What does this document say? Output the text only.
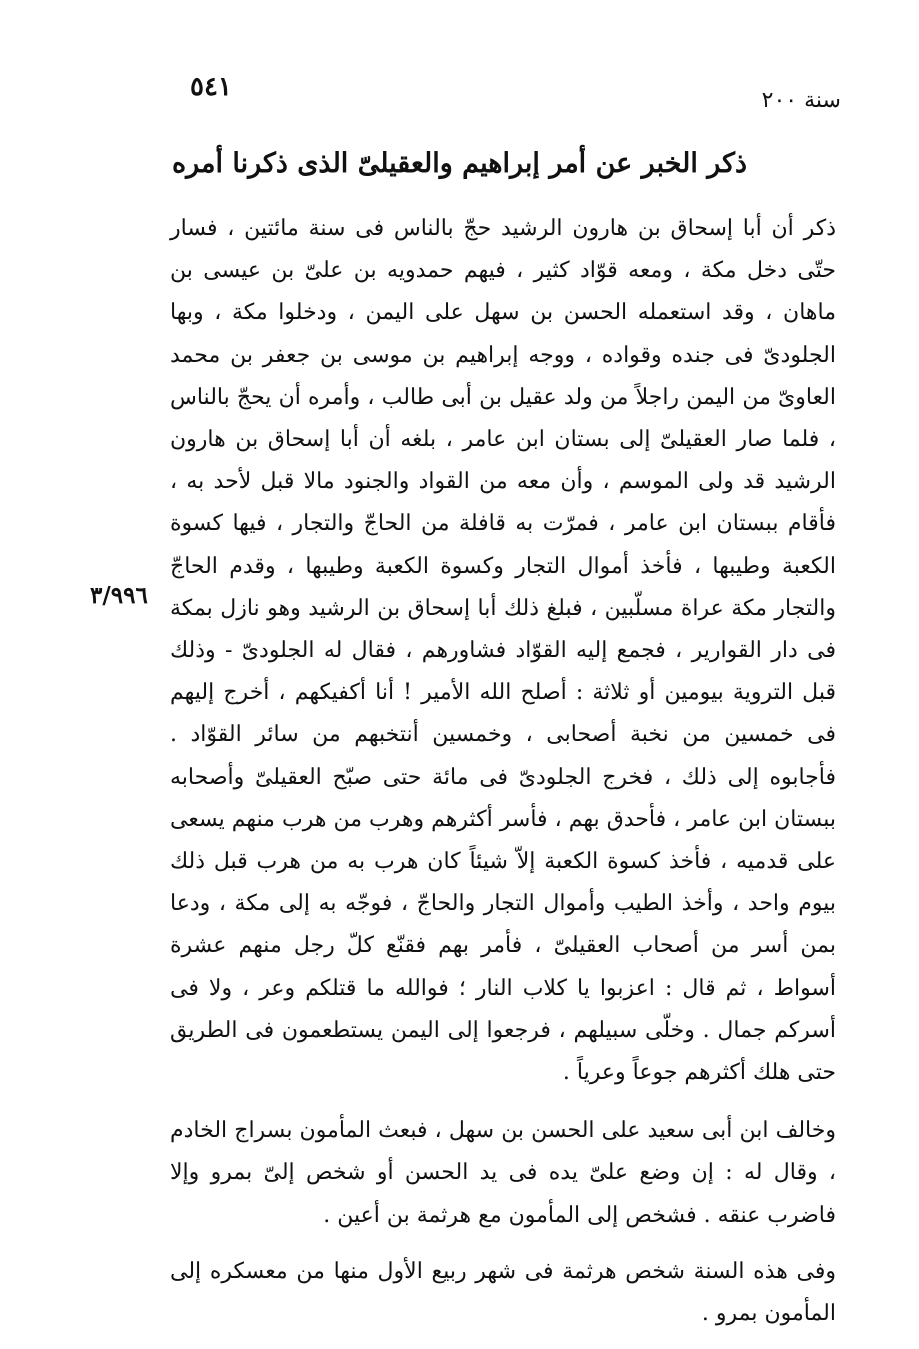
٥٤١	سنة ٢٠٠
ذكر الخبر عن أمر إبراهيم والعقيلىّ الذى ذكرنا أمره
٣/٩٩٦

ذكر أن أبا إسحاق بن هارون الرشيد حجّ بالناس فى سنة مائتين ، فسار حتّى دخل مكة ، ومعه قوّاد كثير ، فيهم حمدويه بن علىّ بن عيسى بن ماهان ، وقد استعمله الحسن بن سهل على اليمن ، ودخلوا مكة ، وبها الجلودىّ فى جنده وقواده ، ووجه إبراهيم بن موسى بن جعفر بن محمد العاوىّ من اليمن راجلاً من ولد عقيل بن أبى طالب ، وأمره أن يحجّ بالناس ، فلما صار العقيلىّ إلى بستان ابن عامر ، بلغه أن أبا إسحاق بن هارون الرشيد قد ولى الموسم ، وأن معه من القواد والجنود مالا قبل لأحد به ، فأقام ببستان ابن عامر ، فمرّت به قافلة من الحاجّ والتجار ، فيها كسوة الكعبة وطيبها ، فأخذ أموال التجار وكسوة الكعبة وطيبها ، وقدم الحاجّ والتجار مكة عراة مسلّبين ، فبلغ ذلك أبا إسحاق بن الرشيد وهو نازل بمكة فى دار القوارير ، فجمع إليه القوّاد فشاورهم ، فقال له الجلودىّ - وذلك قبل التروية بيومين أو ثلاثة : أصلح الله الأمير ! أنا أكفيكهم ، أخرج إليهم فى خمسين من نخبة أصحابى ، وخمسين أنتخبهم من سائر القوّاد . فأجابوه إلى ذلك ، فخرج الجلودىّ فى مائة حتى صبّح العقيلىّ وأصحابه ببستان ابن عامر ، فأحدق بهم ، فأسر أكثرهم وهرب من هرب منهم يسعى على قدميه ، فأخذ كسوة الكعبة إلاّ شيئاً كان هرب به من هرب قبل ذلك بيوم واحد ، وأخذ الطيب وأموال التجار والحاجّ ، فوجّه به إلى مكة ، ودعا بمن أسر من أصحاب العقيلىّ ، فأمر بهم فقنّع كلّ رجل منهم عشرة أسواط ، ثم قال : اعزبوا يا كلاب النار ؛ فوالله ما قتلكم وعر ، ولا فى أسركم جمال . وخلّى سبيلهم ، فرجعوا إلى اليمن يستطعمون فى الطريق حتى هلك أكثرهم جوعاً وعرياً .

وخالف ابن أبى سعيد على الحسن بن سهل ، فبعث المأمون بسراج الخادم ، وقال له : إن وضع علىّ يده فى يد الحسن أو شخص إلىّ بمرو وإلا فاضرب عنقه . فشخص إلى المأمون مع هرثمة بن أعين .

وفى هذه السنة شخص هرثمة فى شهر ربيع الأول منها من معسكره إلى المأمون بمرو .
